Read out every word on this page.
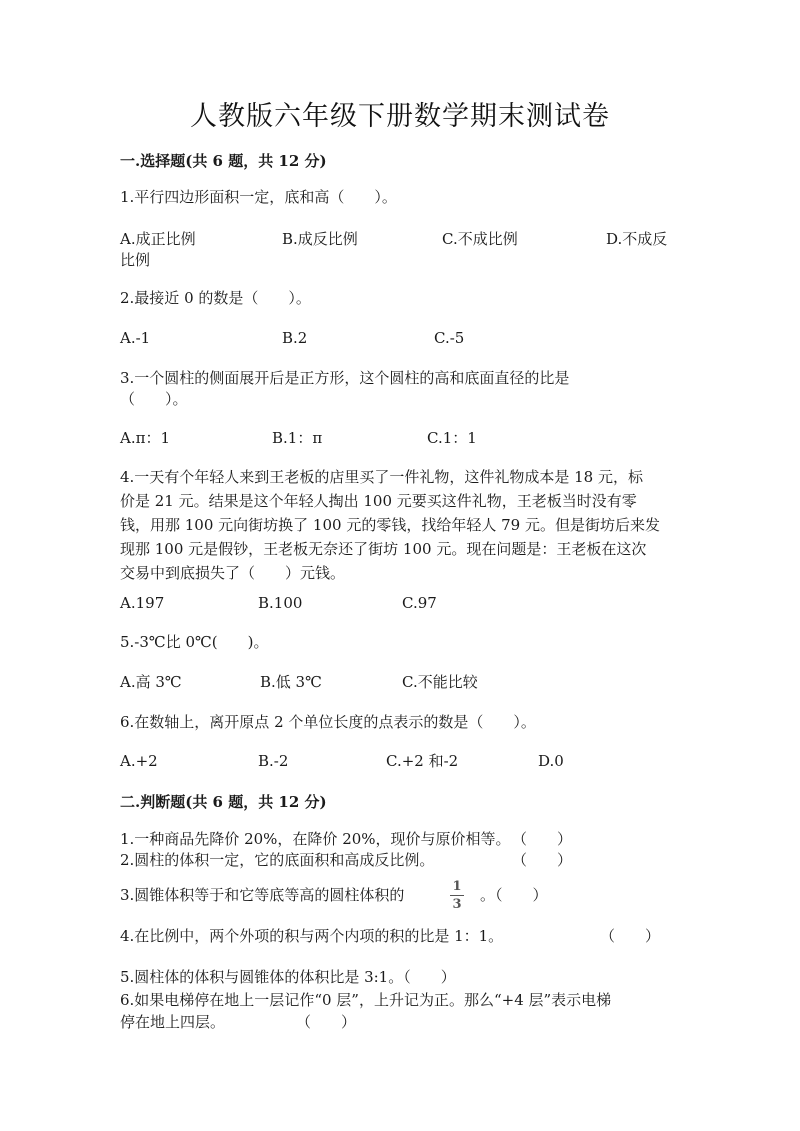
人教版六年级下册数学期末测试卷
一.选择题(共 6 题，共 12 分)
1.平行四边形面积一定，底和高（　　）。
A.成正比例	B.成反比例	C.不成比例	D.不成反
比例
2.最接近 0 的数是（　　）。
A.-1	B.2	C.-5
3.一个圆柱的侧面展开后是正方形，这个圆柱的高和底面直径的比是
（　　）。
A.π：1	B.1：π	C.1：1
4.一天有个年轻人来到王老板的店里买了一件礼物，这件礼物成本是 18 元，标
价是 21 元。结果是这个年轻人掏出 100 元要买这件礼物，王老板当时没有零
钱，用那 100 元向街坊换了 100 元的零钱，找给年轻人 79 元。但是街坊后来发
现那 100 元是假钞，王老板无奈还了街坊 100 元。现在问题是：王老板在这次
交易中到底损失了（　　）元钱。
A.197	B.100	C.97
5.-3℃比 0℃(　　)。
A.高 3℃	B.低 3℃	C.不能比较
6.在数轴上，离开原点 2 个单位长度的点表示的数是（　　）。
A.+2	B.-2	C.+2 和-2	D.0
二.判断题(共 6 题，共 12 分)
1.一种商品先降价 20%，在降价 20%，现价与原价相等。 （　　）
2.圆柱的体积一定，它的底面积和高成反比例。	（　　）
3.圆锥体积等于和它等底等高的圆柱体积的	1
3
。（　　）
4.在比例中，两个外项的积与两个内项的积的比是 1：1。	（　　）
5.圆柱体的体积与圆锥体的体积比是 3:1。（　　）
6.如果电梯停在地上一层记作“0 层”，上升记为正。那么“+4 层”表示电梯
停在地上四层。	（　　）
